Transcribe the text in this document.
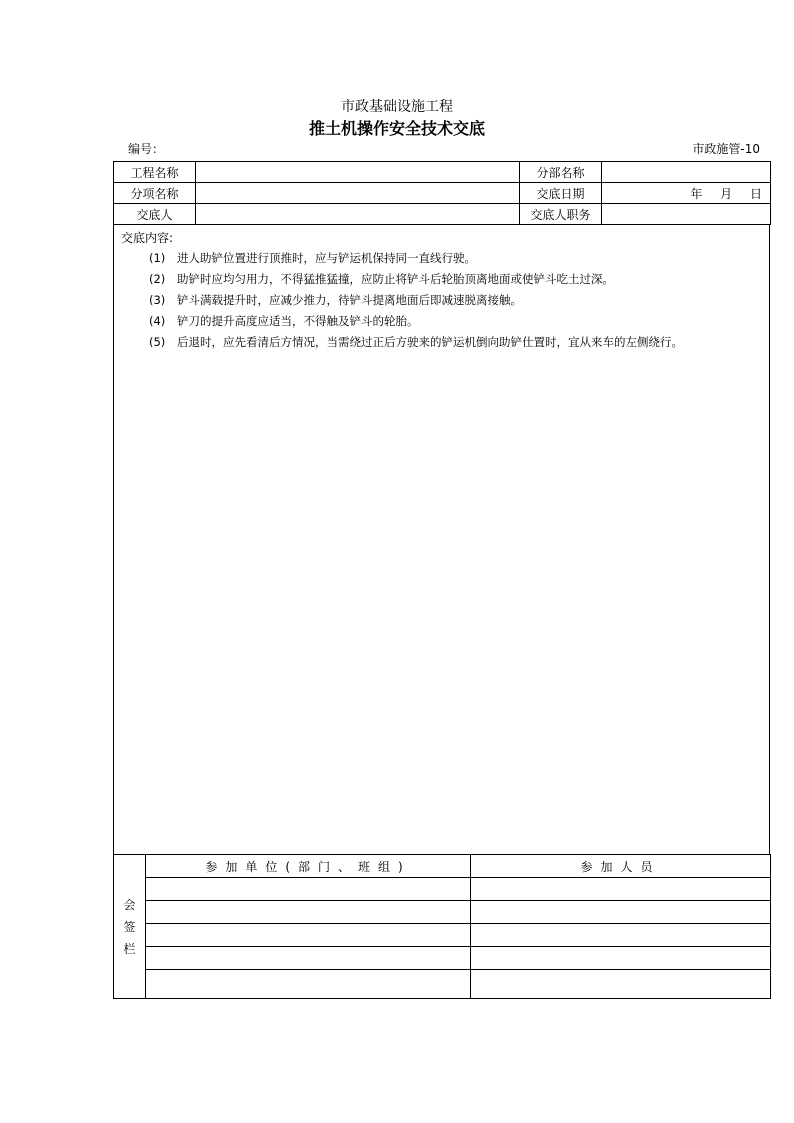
市政基础设施工程
推土机操作安全技术交底
编号：	市政施管-10
工程名称		分部名称	
分项名称		交底日期	年 月 日
交底人		交底人职务	
交底内容:
(1) 进人助铲位置进行顶推时，应与铲运机保持同一直线行驶。
(2) 助铲时应均匀用力，不得猛推猛撞，应防止将铲斗后轮胎顶离地面或使铲斗吃土过深。
(3) 铲斗满载提升时，应减少推力，待铲斗提离地面后即减速脱离接触。
(4) 铲刀的提升高度应适当，不得触及铲斗的轮胎。
(5) 后退时，应先看清后方情况，当需绕过正后方驶来的铲运机倒向助铲仕置时，宜从来车的左侧绕行。
会
签
栏	参加单位(部门、班组)	参加人员
